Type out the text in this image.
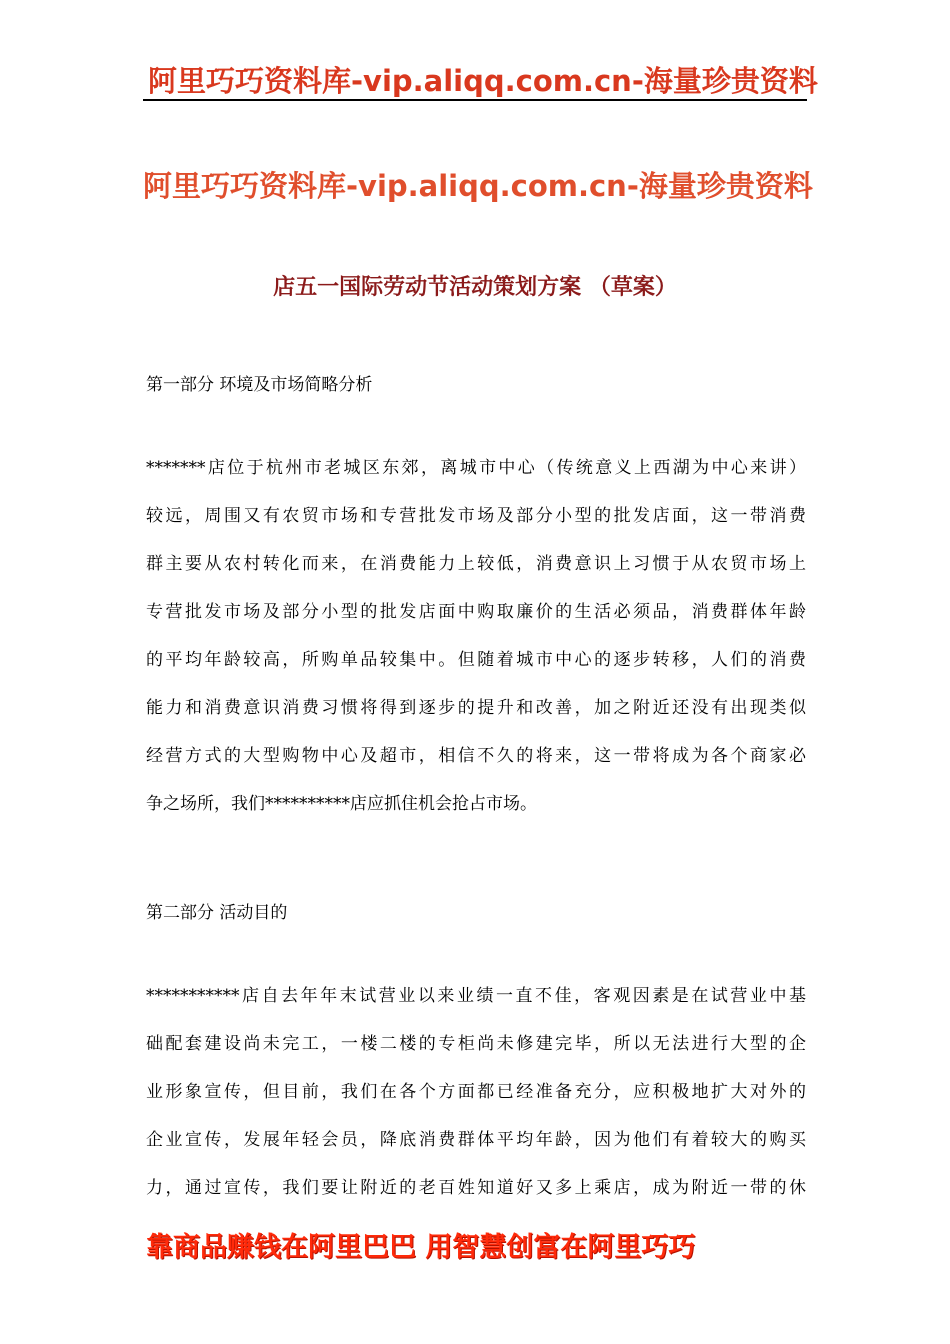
阿里巧巧资料库-vip.aliqq.com.cn-海量珍贵资料
阿里巧巧资料库-vip.aliqq.com.cn-海量珍贵资料
店五一国际劳动节活动策划方案 （草案）
第一部分 环境及市场简略分析
*******店位于杭州市老城区东郊，离城市中心（传统意义上西湖为中心来讲）
较远，周围又有农贸市场和专营批发市场及部分小型的批发店面，这一带消费
群主要从农村转化而来，在消费能力上较低，消费意识上习惯于从农贸市场上
专营批发市场及部分小型的批发店面中购取廉价的生活必须品，消费群体年龄
的平均年龄较高，所购单品较集中。但随着城市中心的逐步转移，人们的消费
能力和消费意识消费习惯将得到逐步的提升和改善，加之附近还没有出现类似
经营方式的大型购物中心及超市，相信不久的将来，这一带将成为各个商家必
争之场所，我们**********店应抓住机会抢占市场。
第二部分 活动目的
***********店自去年年末试营业以来业绩一直不佳，客观因素是在试营业中基
础配套建设尚未完工，一楼二楼的专柜尚未修建完毕，所以无法进行大型的企
业形象宣传，但目前，我们在各个方面都已经准备充分，应积极地扩大对外的
企业宣传，发展年轻会员，降底消费群体平均年龄，因为他们有着较大的购买
力，通过宣传，我们要让附近的老百姓知道好又多上乘店，成为附近一带的休
靠商品赚钱在阿里巴巴 用智慧创富在阿里巧巧
